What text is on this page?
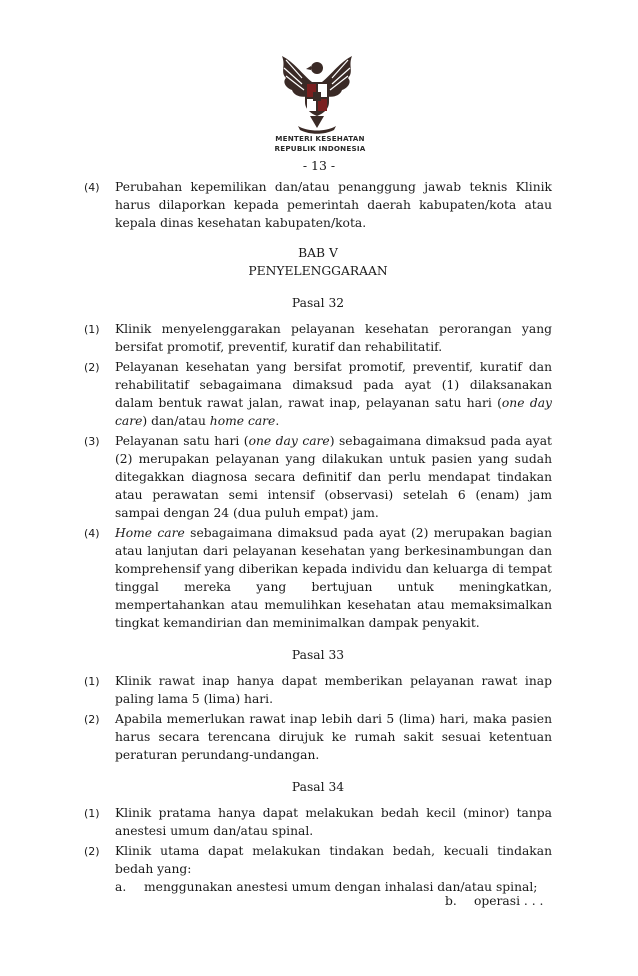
MENTERI KESEHATAN
REPUBLIK INDONESIA
- 13 -
(4)	Perubahan kepemilikan dan/atau penanggung jawab teknis Klinik harus dilaporkan kepada pemerintah daerah kabupaten/kota atau kepala dinas kesehatan kabupaten/kota.
BAB V
PENYELENGGARAAN
Pasal 32
(1)	Klinik menyelenggarakan pelayanan kesehatan perorangan yang bersifat promotif, preventif, kuratif dan rehabilitatif.
(2)	Pelayanan kesehatan yang bersifat promotif, preventif, kuratif dan rehabilitatif sebagaimana dimaksud pada ayat (1) dilaksanakan dalam bentuk rawat jalan, rawat inap, pelayanan satu hari (one day care) dan/atau home care.
(3)	Pelayanan satu hari (one day care) sebagaimana dimaksud pada ayat (2) merupakan pelayanan yang dilakukan untuk pasien yang sudah ditegakkan diagnosa secara definitif dan perlu mendapat tindakan atau perawatan semi intensif (observasi) setelah 6 (enam) jam sampai dengan 24 (dua puluh empat) jam.
(4)	Home care sebagaimana dimaksud pada ayat (2) merupakan bagian atau lanjutan dari pelayanan kesehatan yang berkesinambungan dan komprehensif yang diberikan kepada individu dan keluarga di tempat tinggal mereka yang bertujuan untuk meningkatkan, mempertahankan atau memulihkan kesehatan atau memaksimalkan tingkat kemandirian dan meminimalkan dampak penyakit.
Pasal 33
(1)	Klinik rawat inap hanya dapat memberikan pelayanan rawat inap paling lama 5 (lima) hari.
(2)	Apabila memerlukan rawat inap lebih dari 5 (lima) hari, maka pasien harus secara terencana dirujuk ke rumah sakit sesuai ketentuan peraturan perundang-undangan.
Pasal 34
(1)	Klinik pratama hanya dapat melakukan bedah kecil (minor) tanpa anestesi umum dan/atau spinal.
(2)	Klinik utama dapat melakukan tindakan bedah, kecuali tindakan bedah yang:
a.	menggunakan anestesi umum dengan inhalasi dan/atau spinal;
b. operasi . . .
